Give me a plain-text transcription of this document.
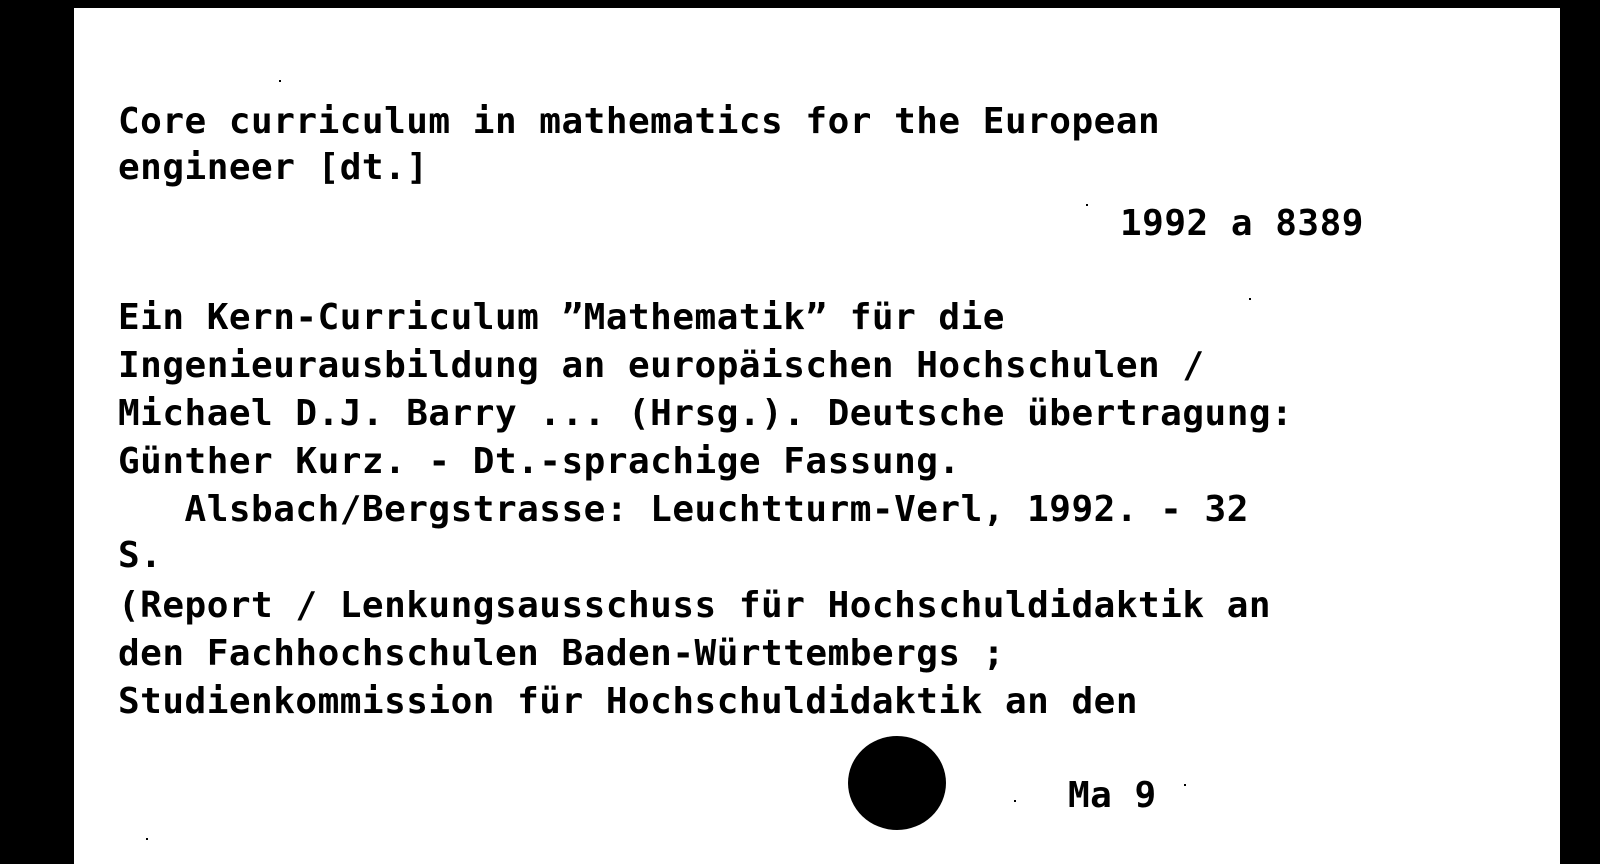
Core curriculum in mathematics for the European
engineer [dt.]
1992 a 8389
Ein Kern-Curriculum ”Mathematik” für die
Ingenieurausbildung an europäischen Hochschulen /
Michael D.J. Barry ... (Hrsg.). Deutsche übertragung:
Günther Kurz. - Dt.-sprachige Fassung.
Alsbach/Bergstrasse: Leuchtturm-Verl, 1992. - 32
S.
(Report / Lenkungsausschuss für Hochschuldidaktik an
den Fachhochschulen Baden-Württembergs ;
Studienkommission für Hochschuldidaktik an den
Ma 9
